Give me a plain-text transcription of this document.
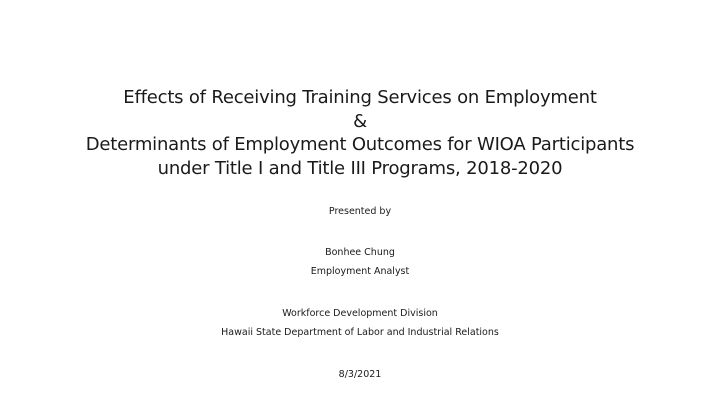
Effects of Receiving Training Services on Employment
&
Determinants of Employment Outcomes for WIOA Participants
under Title I and Title III Programs, 2018-2020
Presented by
Bonhee Chung
Employment Analyst
Workforce Development Division
Hawaii State Department of Labor and Industrial Relations
8/3/2021
